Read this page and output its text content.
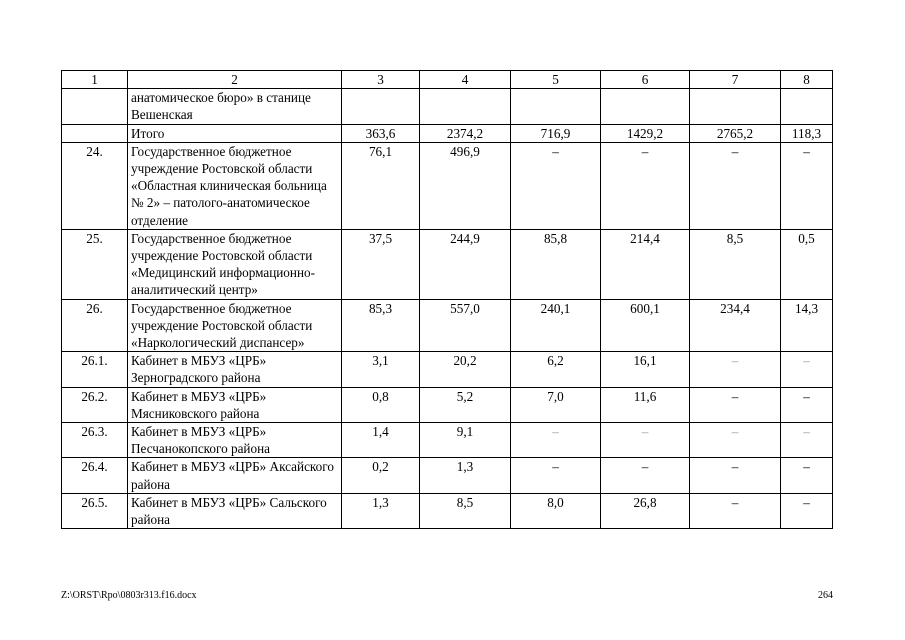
1	2	3	4	5	6	7	8
	анатомическое бюро» в станице Вешенская						
	Итого	363,6	2374,2	716,9	1429,2	2765,2	118,3
24.	Государственное бюджетное учреждение Ростовской области «Областная клиническая больница № 2» – патолого-анатомическое отделение	76,1	496,9	–	–	–	–
25.	Государственное бюджетное учреждение Ростовской области «Медицинский информационно-аналитический центр»	37,5	244,9	85,8	214,4	8,5	0,5
26.	Государственное бюджетное учреждение Ростовской области «Наркологический диспансер»	85,3	557,0	240,1	600,1	234,4	14,3
26.1.	Кабинет в МБУЗ «ЦРБ» Зерноградского района	3,1	20,2	6,2	16,1	–	–
26.2.	Кабинет в МБУЗ «ЦРБ» Мясниковского района	0,8	5,2	7,0	11,6	–	–
26.3.	Кабинет в МБУЗ «ЦРБ» Песчанокопского района	1,4	9,1	–	–	–	–
26.4.	Кабинет в МБУЗ «ЦРБ» Аксайского района	0,2	1,3	–	–	–	–
26.5.	Кабинет в МБУЗ «ЦРБ» Сальского района	1,3	8,5	8,0	26,8	–	–
Z:\ORST\Rpo\0803r313.f16.docx	264
